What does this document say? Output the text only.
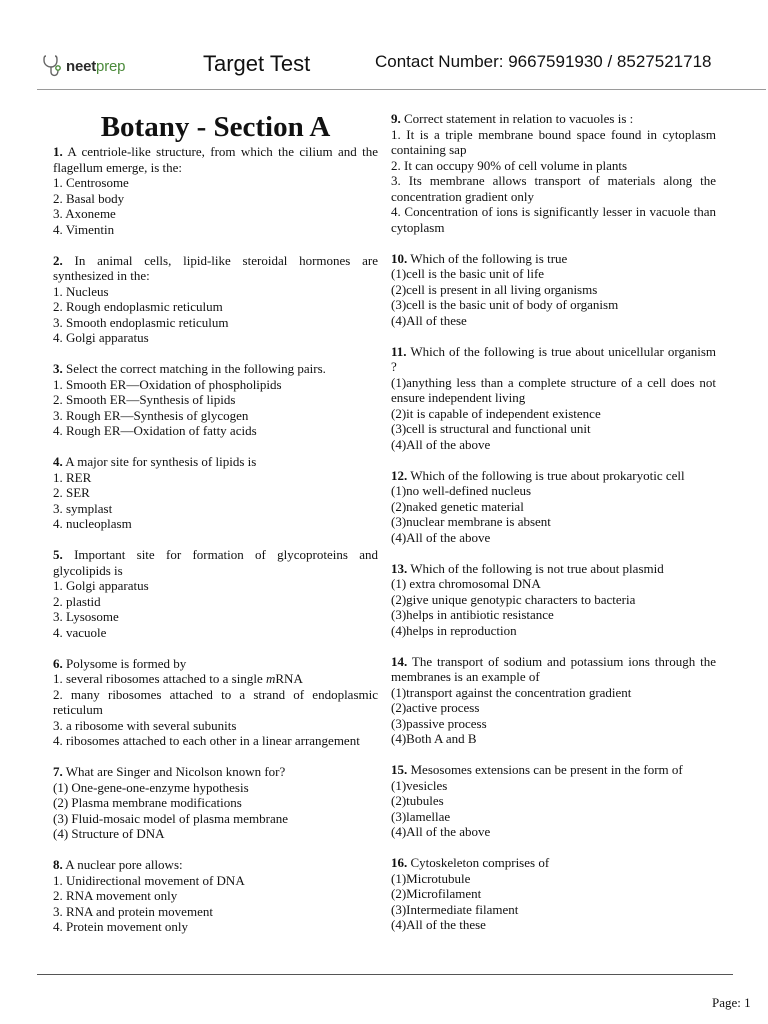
neetprep	Target Test	Contact Number: 9667591930 / 8527521718
Botany - Section A
1. A centriole-like structure, from which the cilium and the flagellum emerge, is the:
1. Centrosome
2. Basal body
3. Axoneme
4. Vimentin
2. In animal cells, lipid-like steroidal hormones are synthesized in the:
1. Nucleus
2. Rough endoplasmic reticulum
3. Smooth endoplasmic reticulum
4. Golgi apparatus
3. Select the correct matching in the following pairs.
1. Smooth ER—Oxidation of phospholipids
2. Smooth ER—Synthesis of lipids
3. Rough ER—Synthesis of glycogen
4. Rough ER—Oxidation of fatty acids
4. A major site for synthesis of lipids is
1. RER
2. SER
3. symplast
4. nucleoplasm
5. Important site for formation of glycoproteins and glycolipids is
1. Golgi apparatus
2. plastid
3. Lysosome
4. vacuole
6. Polysome is formed by
1. several ribosomes attached to a single mRNA
2. many ribosomes attached to a strand of endoplasmic reticulum
3. a ribosome with several subunits
4. ribosomes attached to each other in a linear arrangement
7. What are Singer and Nicolson known for?
(1) One-gene-one-enzyme hypothesis
(2) Plasma membrane modifications
(3) Fluid-mosaic model of plasma membrane
(4) Structure of DNA
8. A nuclear pore allows:
1. Unidirectional movement of DNA
2. RNA movement only
3. RNA and protein movement
4. Protein movement only
9. Correct statement in relation to vacuoles is :
1. It is a triple membrane bound space found in cytoplasm containing sap
2. It can occupy 90% of cell volume in plants
3. Its membrane allows transport of materials along the concentration gradient only
4. Concentration of ions is significantly lesser in vacuole than cytoplasm
10. Which of the following is true
(1)cell is the basic unit of life
(2)cell is present in all living organisms
(3)cell is the basic unit of body of organism
(4)All of these
11. Which of the following is true about unicellular organism ?
(1)anything less than a complete structure of a cell does not ensure independent living
(2)it is capable of independent existence
(3)cell is structural and functional unit
(4)All of the above
12. Which of the following is true about prokaryotic cell
(1)no well-defined nucleus
(2)naked genetic material
(3)nuclear membrane is absent
(4)All of the above
13. Which of the following is not true about plasmid
(1) extra chromosomal DNA
(2)give unique genotypic characters to bacteria
(3)helps in antibiotic resistance
(4)helps in reproduction
14. The transport of sodium and potassium ions through the membranes is an example of
(1)transport against the concentration gradient
(2)active process
(3)passive process
(4)Both A and B
15. Mesosomes extensions can be present in the form of
(1)vesicles
(2)tubules
(3)lamellae
(4)All of the above
16. Cytoskeleton comprises of
(1)Microtubule
(2)Microfilament
(3)Intermediate filament
(4)All of the these
Page: 1
